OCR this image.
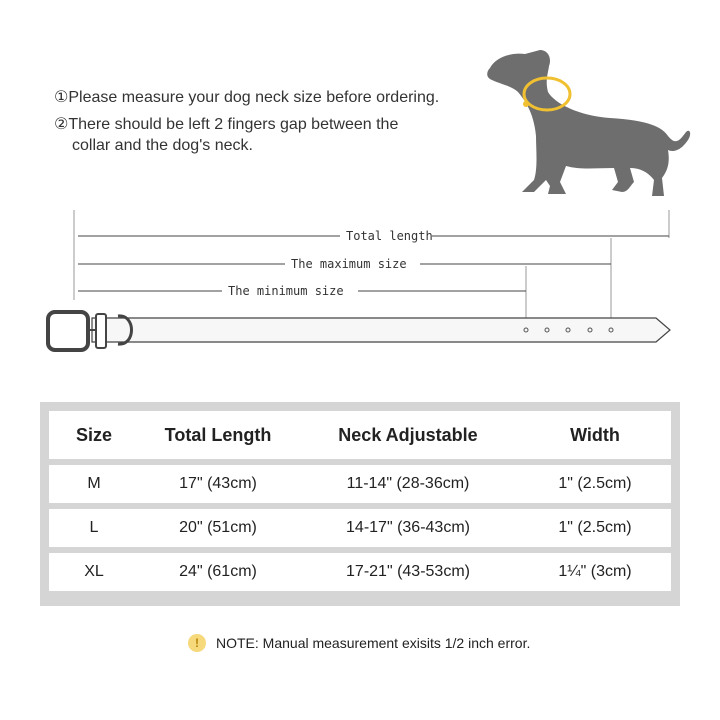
①Please measure your dog neck size before ordering.
②There should be left 2 fingers gap between the
collar and the dog's neck.
Total length
The maximum size
The minimum size
Size	Total Length	Neck Adjustable	Width
M	17" (43cm)	11-14" (28-36cm)	1" (2.5cm)
L	20" (51cm)	14-17" (36-43cm)	1" (2.5cm)
XL	24" (61cm)	17-21" (43-53cm)	1¼" (3cm)
!	NOTE: Manual measurement exisits 1/2 inch error.
